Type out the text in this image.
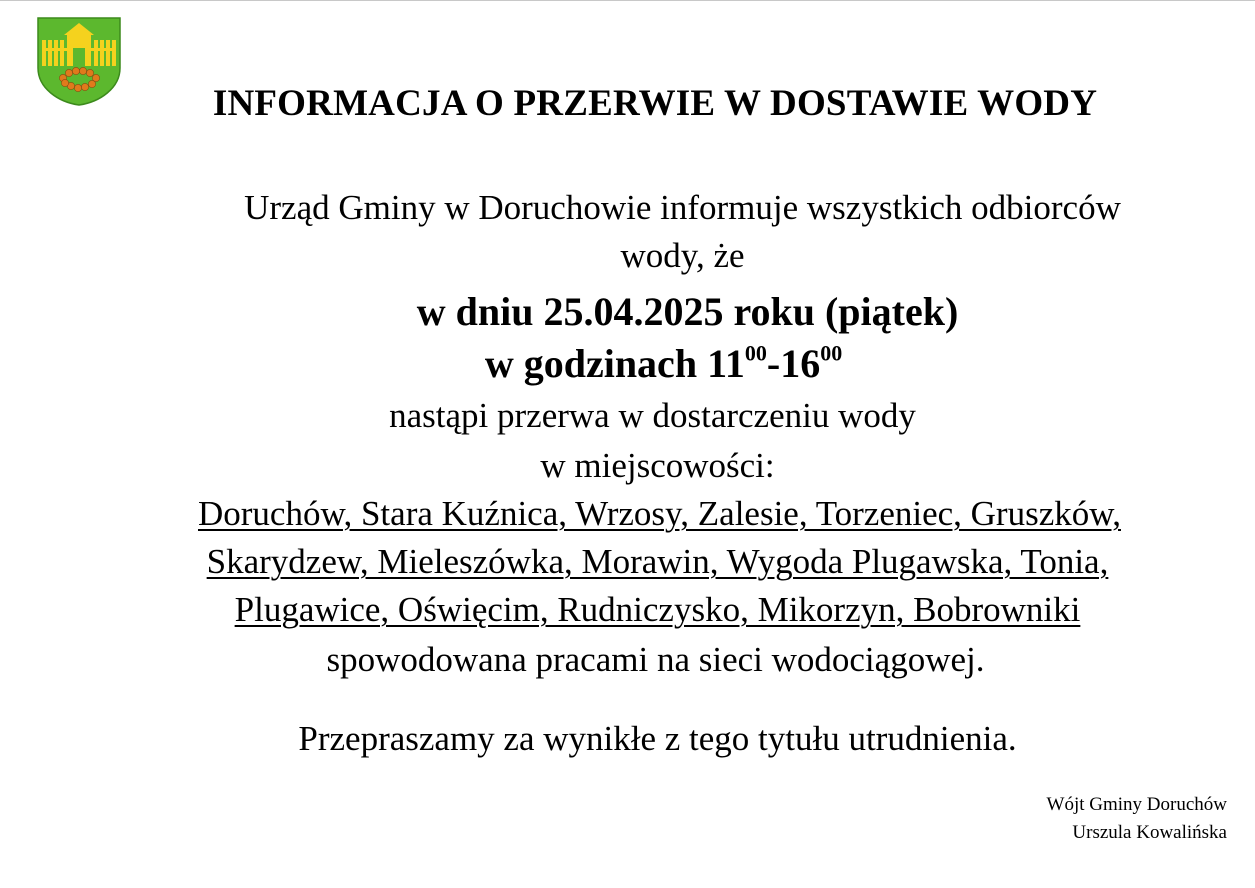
INFORMACJA O PRZERWIE W DOSTAWIE WODY
Urząd Gminy w Doruchowie informuje wszystkich odbiorców
wody, że
w dniu 25.04.2025 roku (piątek)
w godzinach $11^{00}-16^{00}$
nastąpi przerwa w dostarczeniu wody
w miejscowości:
Doruchów, Stara Kuźnica, Wrzosy, Zalesie, Torzeniec, Gruszków,
Skarydzew, Mieleszówka, Morawin, Wygoda Plugawska, Tonia,
Plugawice, Oświęcim, Rudniczysko, Mikorzyn, Bobrowniki
spowodowana pracami na sieci wodociągowej.
Przepraszamy za wynikłe z tego tytułu utrudnienia.
Wójt Gminy Doruchów
Urszula Kowalińska
